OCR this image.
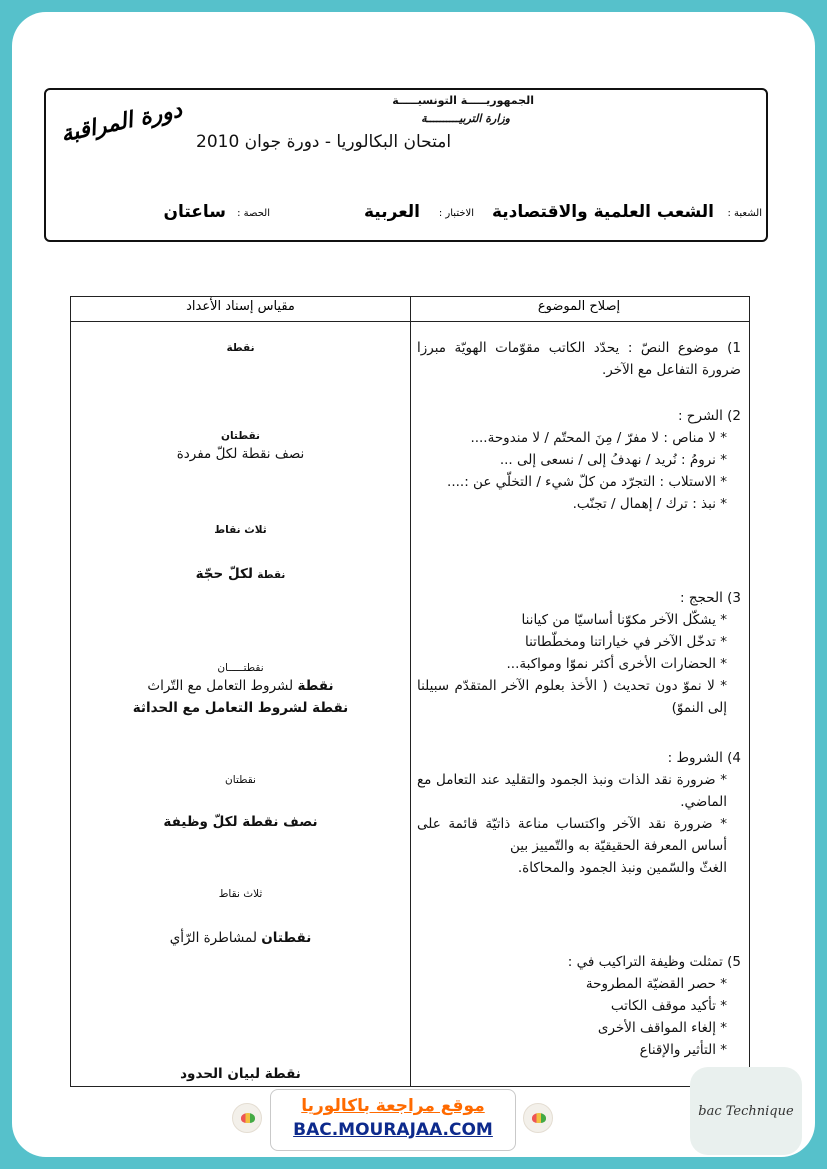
الجمهوريـــــة التونسيـــــة
وزارة التربيــــــــــة
امتحان البكالوريا - دورة جوان 2010
دورة المراقبة
الشعبة :
الشعب العلمية والاقتصادية
الاختبار :
العربية
الحصة :
ساعتان
إصلاح الموضوع
مقياس إسناد الأعداد
1) موضوع النصّ : يحدّد الكاتب مقوّمات الهويّة مبرزا ضرورة التفاعل مع الآخر.
2) الشرح :
* لا مناص : لا مفرّ / مِنَ المحتّم / لا مندوحة....
* نرومُ : نُريد / نهدفُ إلى / نسعى إلى ...
* الاستلاب : التجرّد من كلّ شيء / التخلّي عن :....
* نبذ : ترك / إهمال / تجنّب.
3) الحجج :
* يشكّل الآخر مكوّنا أساسيّا من كياننا
* تدخّل الآخر في خياراتنا ومخطّطاتنا
* الحضارات الأخرى أكثر نموّا ومواكبة...
* لا نموّ دون تحديث ( الأخذ بعلوم الآخر المتقدّم سبيلنا إلى النموّ)
4) الشروط :
* ضرورة نقد الذات ونبذ الجمود والتقليد عند التعامل مع الماضي.
* ضرورة نقد الآخر واكتساب مناعة ذاتيّة قائمة على أساس المعرفة الحقيقيّة به والتّمييز بين
الغثّ والسّمين ونبذ الجمود والمحاكاة.
5) تمثلت وظيفة التراكيب في :
* حصر القضيّة المطروحة
* تأكيد موقف الكاتب
* إلغاء المواقف الأخرى
* التأثير والإقناع
نقطة
نقطتان
نصف نقطة لكلّ مفردة
ثلاث نقاط
نقطة لكلّ حجّة
نقطتـــــان
نقطة لشروط التعامل مع التّراث
نقطة لشروط التعامل مع الحداثة
نقطتان
نصف نقطة لكلّ وظيفة
ثلاث نقاط
نقطتان لمشاطرة الرّأي
نقطة لبيان الحدود
موقع مراجعة باكالوريا
BAC.MOURAJAA.COM
bac Technique
